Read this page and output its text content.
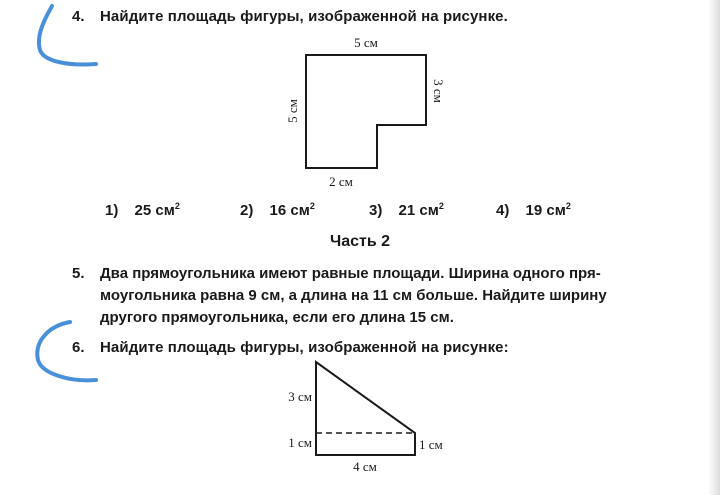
4. Найдите площадь фигуры, изображенной на рисунке.
5 см
5 см
3 см
2 см
3 см
1 см	1 см
4 см
1) 25 $см^2$	2) 16 $см^2$	3) 21 $см^2$	4) 19 $см^2$
Часть 2
5. Два прямоугольника имеют равные площади. Ширина одного пря-
моугольника равна 9 см, а длина на 11 см больше. Найдите ширину
другого прямоугольника, если его длина 15 см.
6. Найдите площадь фигуры, изображенной на рисунке:
